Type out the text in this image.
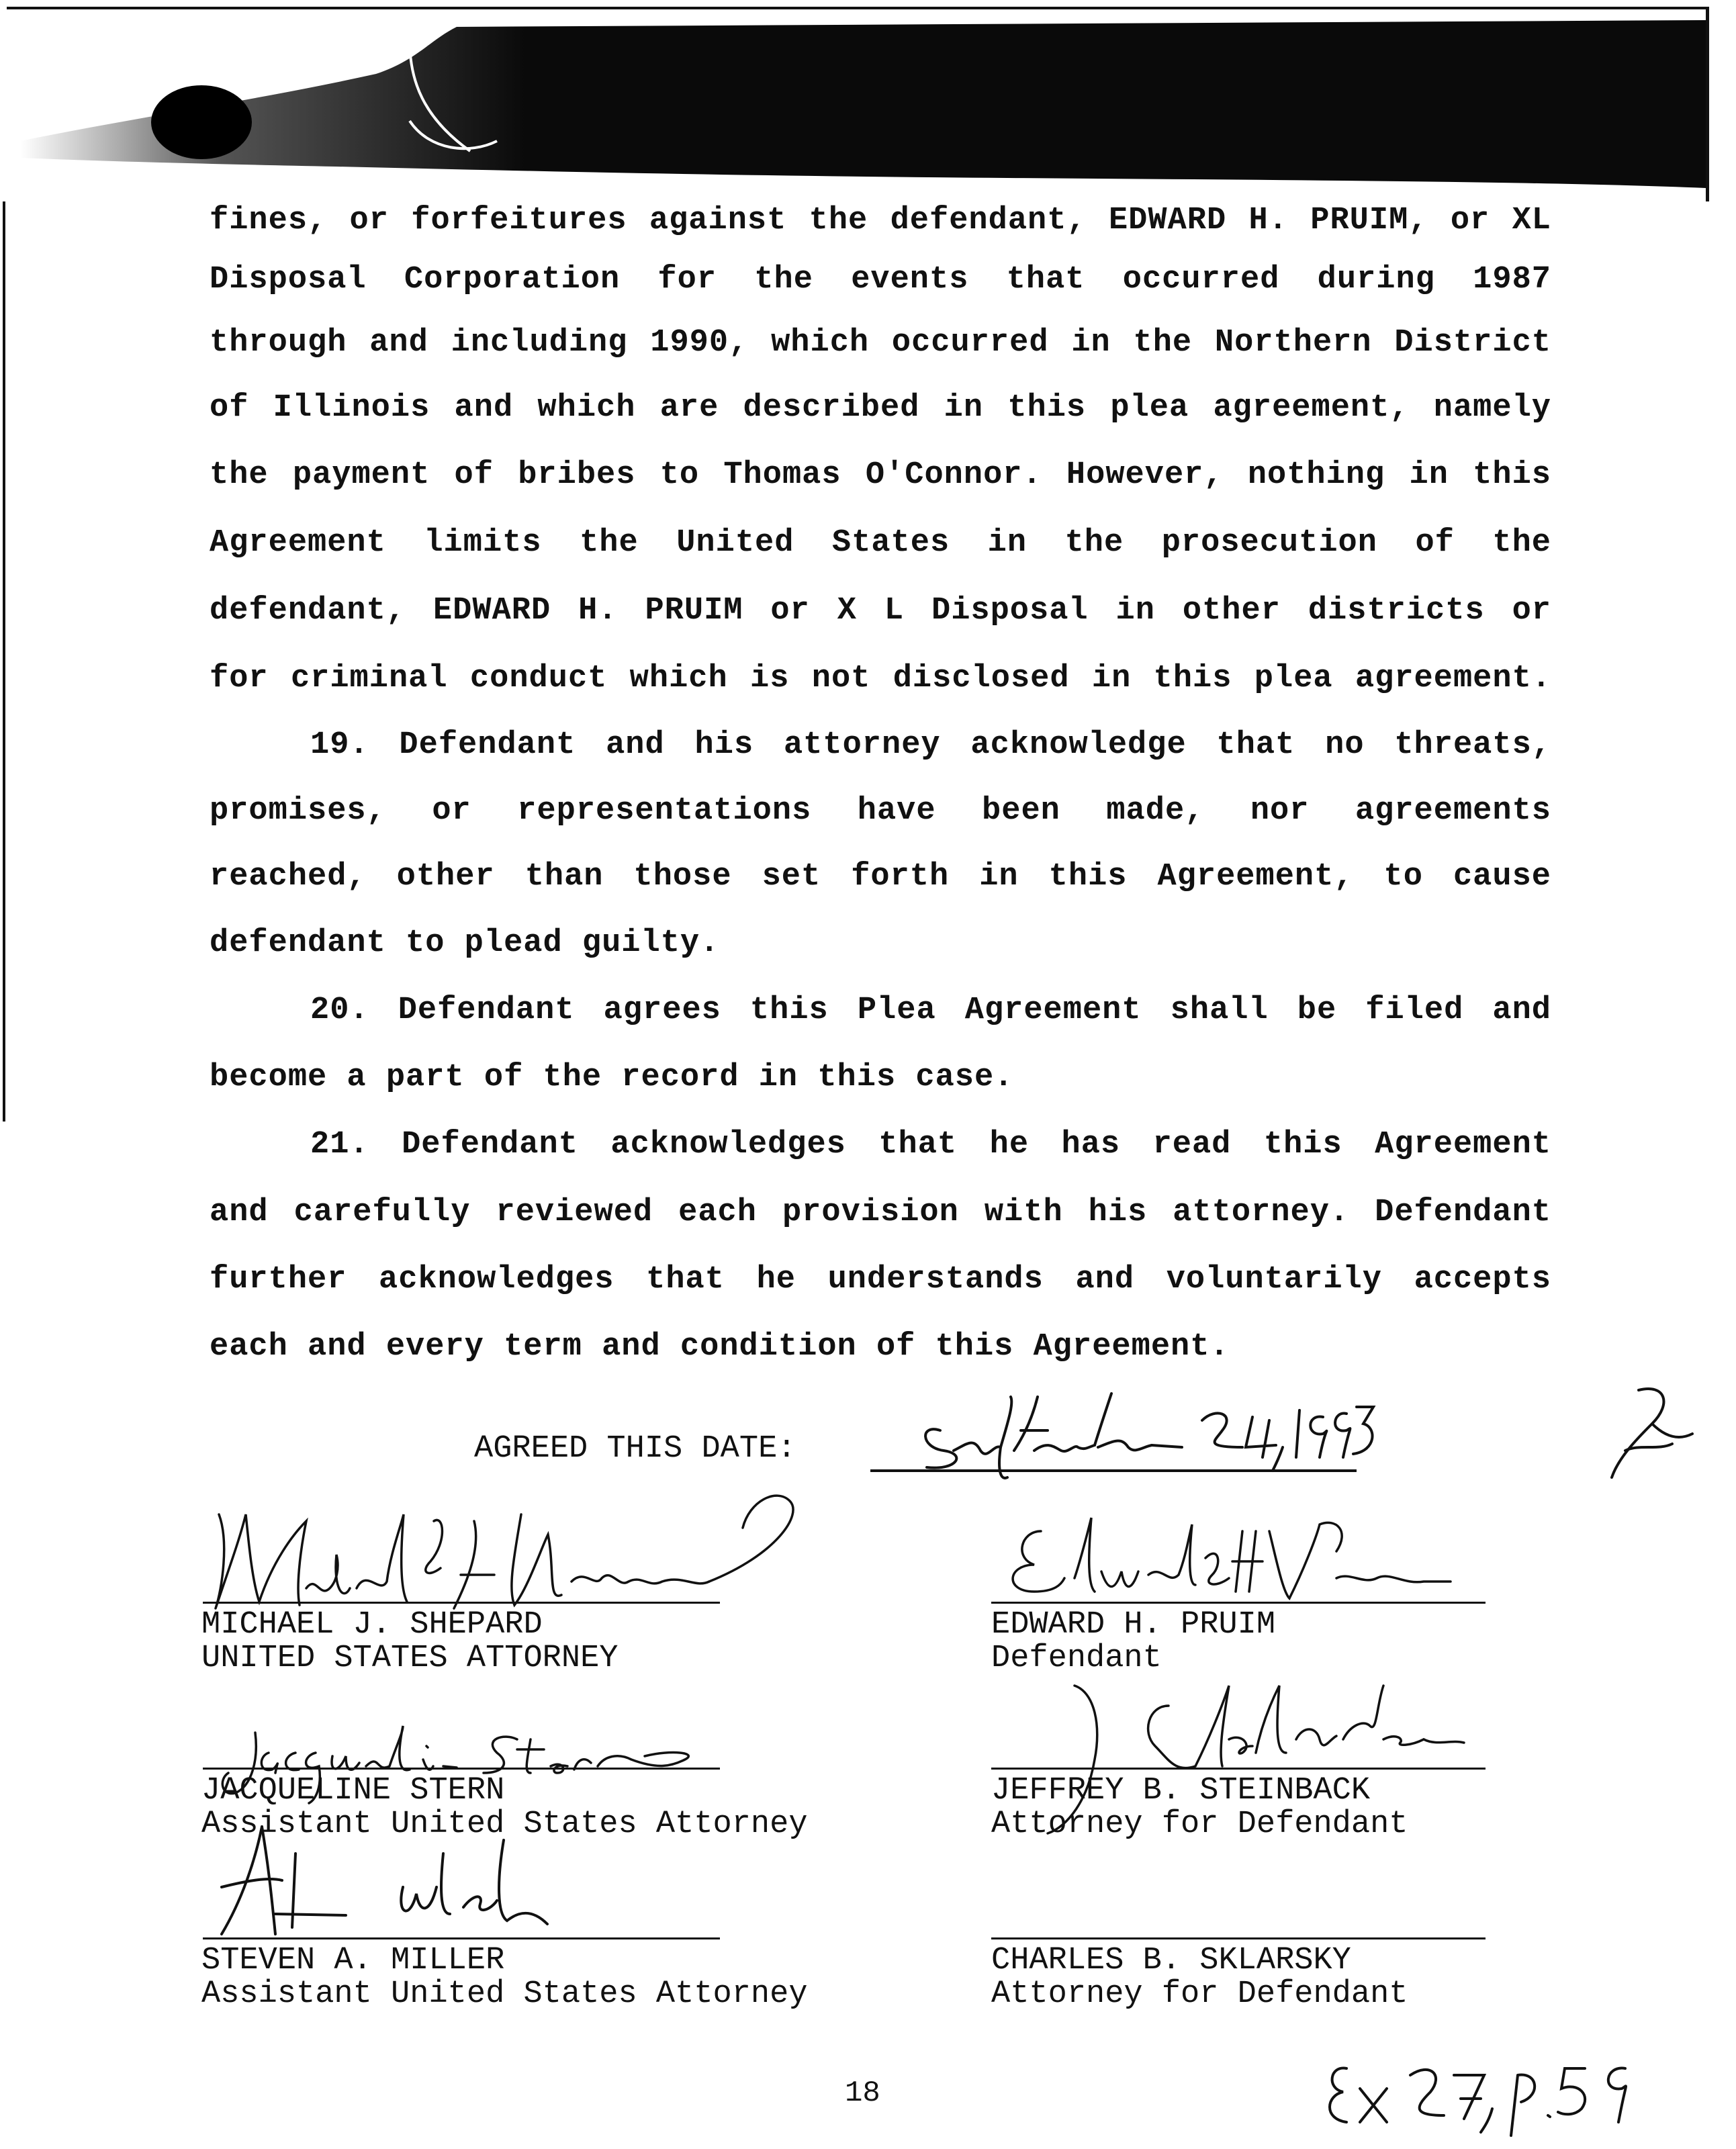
fines, or forfeitures against the defendant, EDWARD H. PRUIM, or XL

Disposal Corporation for the events that occurred during 1987

through and including 1990, which occurred in the Northern District

of Illinois and which are described in this plea agreement, namely

the payment of bribes to Thomas O'Connor. However, nothing in this

Agreement limits the United States in the prosecution of the

defendant, EDWARD H. PRUIM or X L Disposal in other districts or

for criminal conduct which is not disclosed in this plea agreement.

19. Defendant and his attorney acknowledge that no threats,

promises, or representations have been made, nor agreements

reached, other than those set forth in this Agreement, to cause

defendant to plead guilty.

20. Defendant agrees this Plea Agreement shall be filed and

become a part of the record in this case.

21. Defendant acknowledges that he has read this Agreement

and carefully reviewed each provision with his attorney. Defendant

further acknowledges that he understands and voluntarily accepts

each and every term and condition of this Agreement.

AGREED THIS DATE:
MICHAEL J. SHEPARD
UNITED STATES ATTORNEY
EDWARD H. PRUIM
Defendant
JACQUELINE STERN
Assistant United States Attorney
JEFFREY B. STEINBACK
Attorney for Defendant
STEVEN A. MILLER
Assistant United States Attorney
CHARLES B. SKLARSKY
Attorney for Defendant
18
